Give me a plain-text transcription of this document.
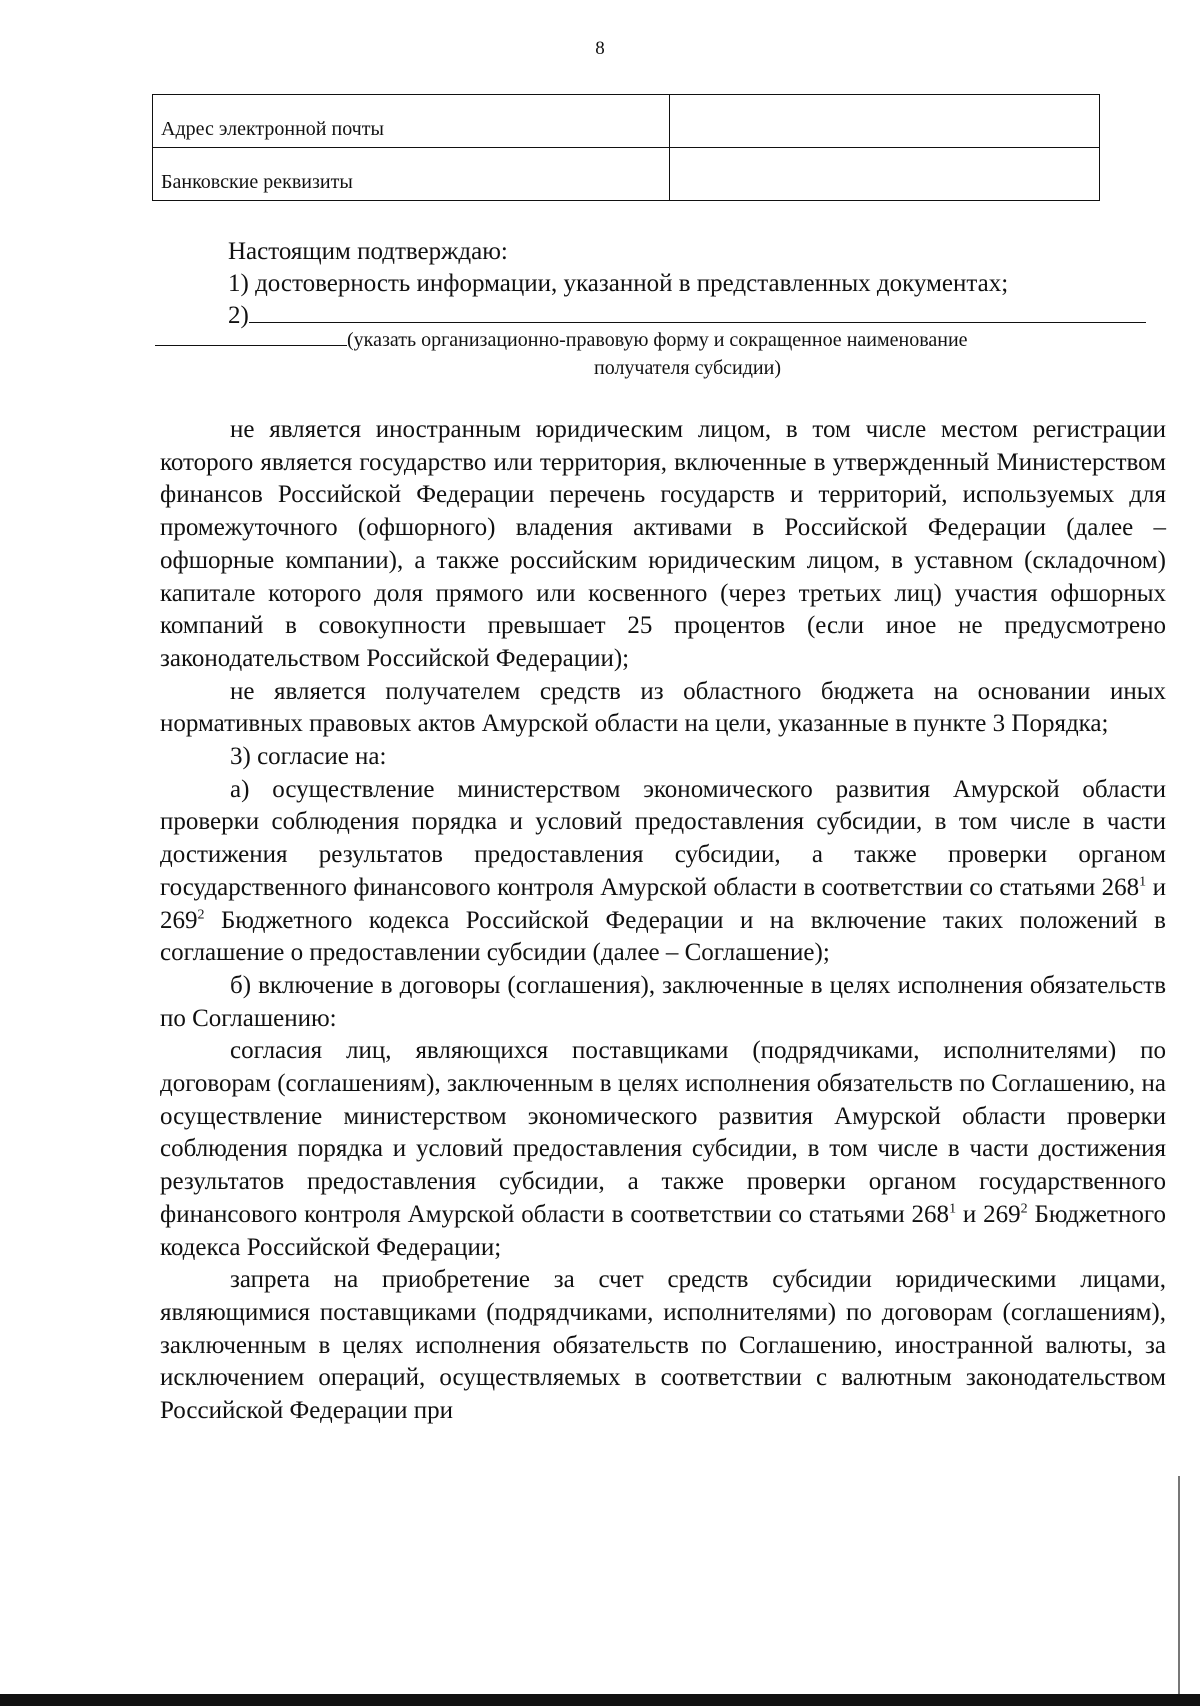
8
Адрес электронной почты	
Банковские реквизиты	

Настоящим подтверждаю:

1) достоверность информации, указанной в представленных документах;

2)

(указать организационно-правовую форму и сокращенное наименование
получателя субсидии)

не является иностранным юридическим лицом, в том числе местом регистрации которого является государство или территория, включенные в утвержденный Министерством финансов Российской Федерации перечень государств и территорий, используемых для промежуточного (офшорного) владения активами в Российской Федерации (далее – офшорные компании), а также российским юридическим лицом, в уставном (складочном) капитале которого доля прямого или косвенного (через третьих лиц) участия офшорных компаний в совокупности превышает 25 процентов (если иное не предусмотрено законодательством Российской Федерации);

не является получателем средств из областного бюджета на основании иных нормативных правовых актов Амурской области на цели, указанные в пункте 3 Порядка;

3) согласие на:

а) осуществление министерством экономического развития Амурской области проверки соблюдения порядка и условий предоставления субсидии, в том числе в части достижения результатов предоставления субсидии, а также проверки органом государственного финансового контроля Амурской области в соответствии со статьями $268^1$ и $269^2$ Бюджетного кодекса Российской Федерации и на включение таких положений в соглашение о предоставлении субсидии (далее – Соглашение);

б) включение в договоры (соглашения), заключенные в целях исполнения обязательств по Соглашению:

согласия лиц, являющихся поставщиками (подрядчиками, исполнителями) по договорам (соглашениям), заключенным в целях исполнения обязательств по Соглашению, на осуществление министерством экономического развития Амурской области проверки соблюдения порядка и условий предоставления субсидии, в том числе в части достижения результатов предоставления субсидии, а также проверки органом государственного финансового контроля Амурской области в соответствии со статьями $268^1$ и $269^2$ Бюджетного кодекса Российской Федерации;

запрета на приобретение за счет средств субсидии юридическими лицами, являющимися поставщиками (подрядчиками, исполнителями) по договорам (соглашениям), заключенным в целях исполнения обязательств по Соглашению, иностранной валюты, за исключением операций, осуществляемых в соответствии с валютным законодательством Российской Федерации при
